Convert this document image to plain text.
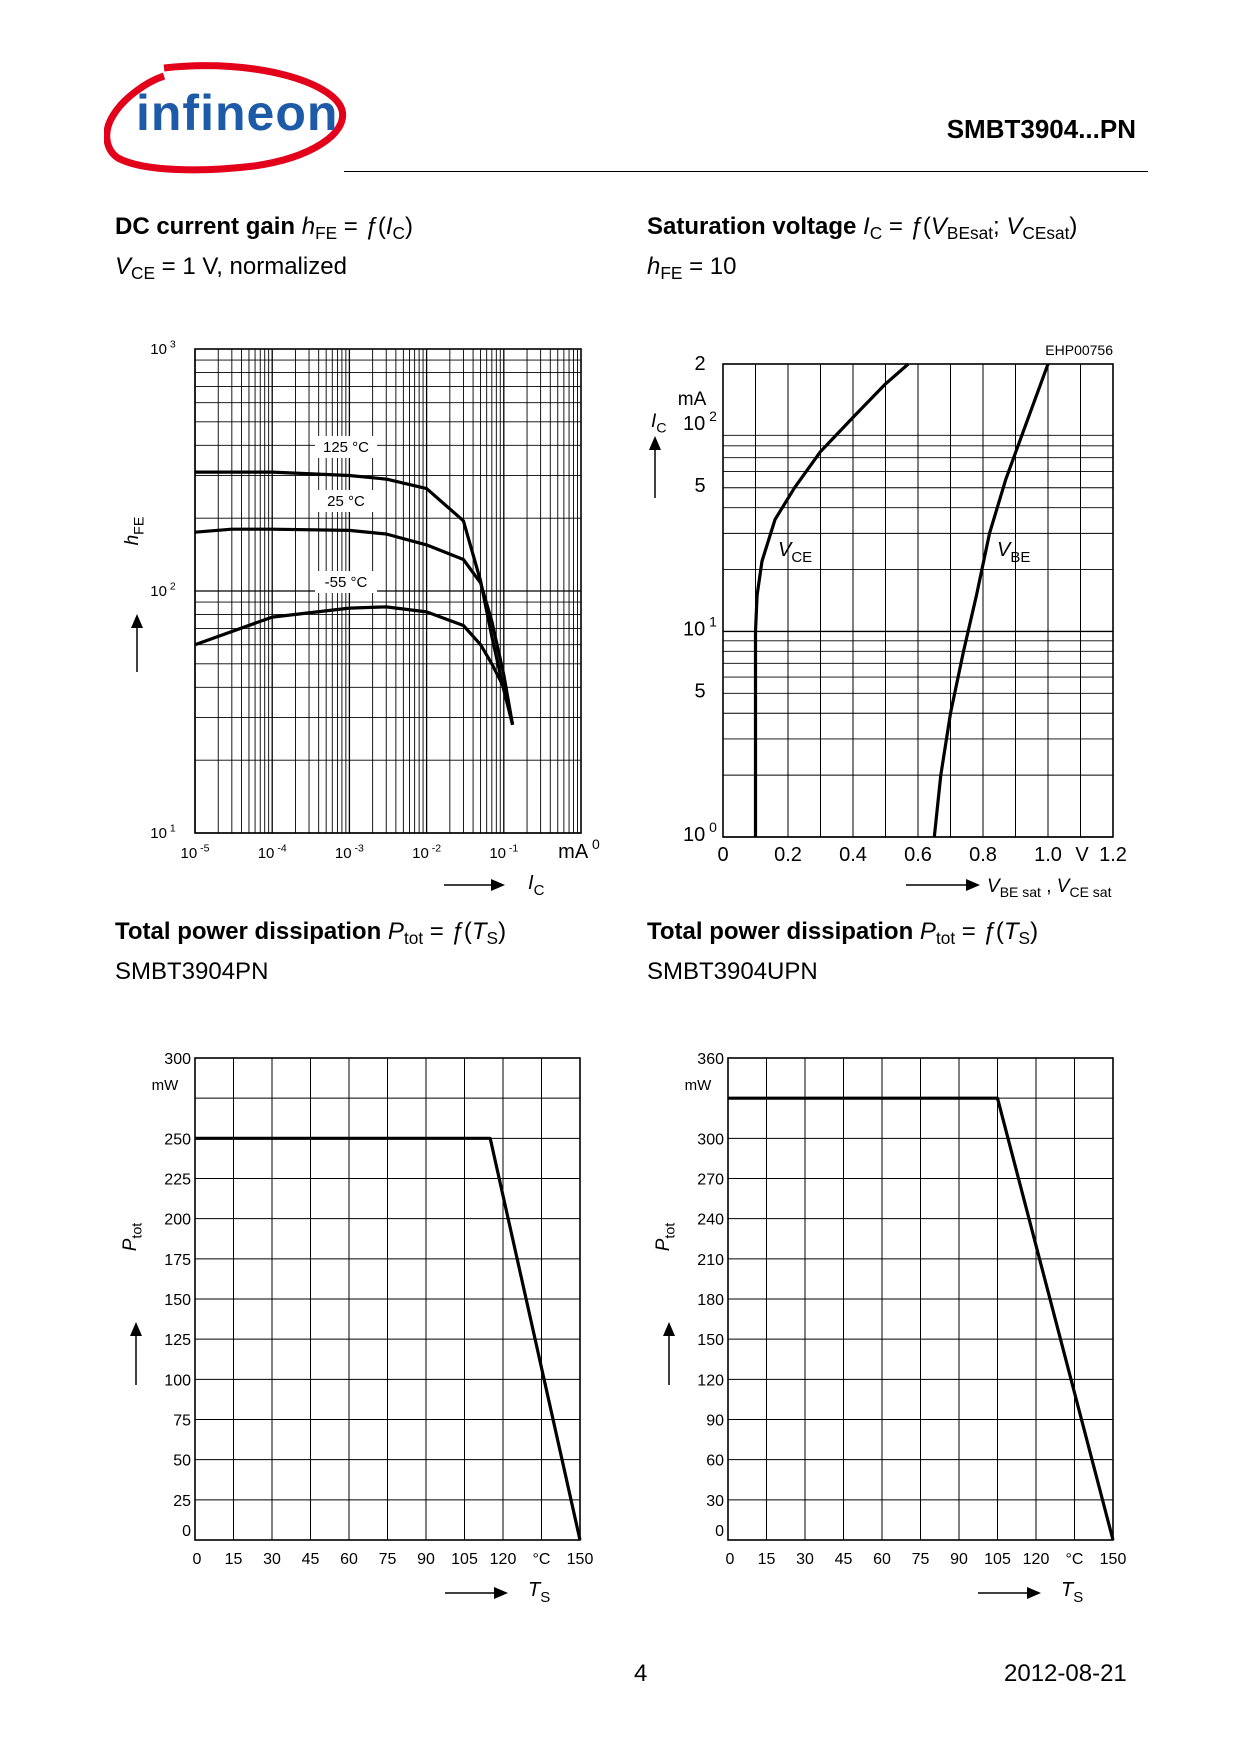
infineon	SMBT3904...PN
DC current gain $h_{FE}$ = $ƒ(I_C)$
$V_{CE} = 1$ V, normalized
Saturation voltage $I_C$ = $ƒ(V_{BEsat}$; $V_{CEsat}$)
$h_{FE} = 10$
Total power dissipation $P_{tot}$ = $ƒ(T_S)$
SMBT3904PN
Total power dissipation $P_{tot}$ = $ƒ(T_S)$
SMBT3904UPN
10 $^{-5}$	10 $^{-4}$	10 $^{-3}$	10 $^{-2}$	10 $^{-1}$ mA $^0$
10 $^1$
10 $^2$
10 $^3$
$I_C$
$h_{FE}$
125 °C
25 °C
-55 °C
EHP00756
0 0.2 0.4 0.6 0.8 1.0 1.2
V
10 $^0$
5
10 $^1$
5
10 $^2$
2
mA
$I_C$
$V_{BE sat}$ , $V_{CE sat}$
$V_{CE}$	$V_{BE}$
0 15 30 45 60 75 90 105 120	150
°C
0
25
50
75
100
125
150
175
200
225
250
300
mW
$T_S$
$P_{tot}$
0 15 30 45 60 75 90 105 120	150
°C
0
30
60
90
120
150
180
210
240
270
300
360
mW
$T_S$
$P_{tot}$
4	2012-08-21
